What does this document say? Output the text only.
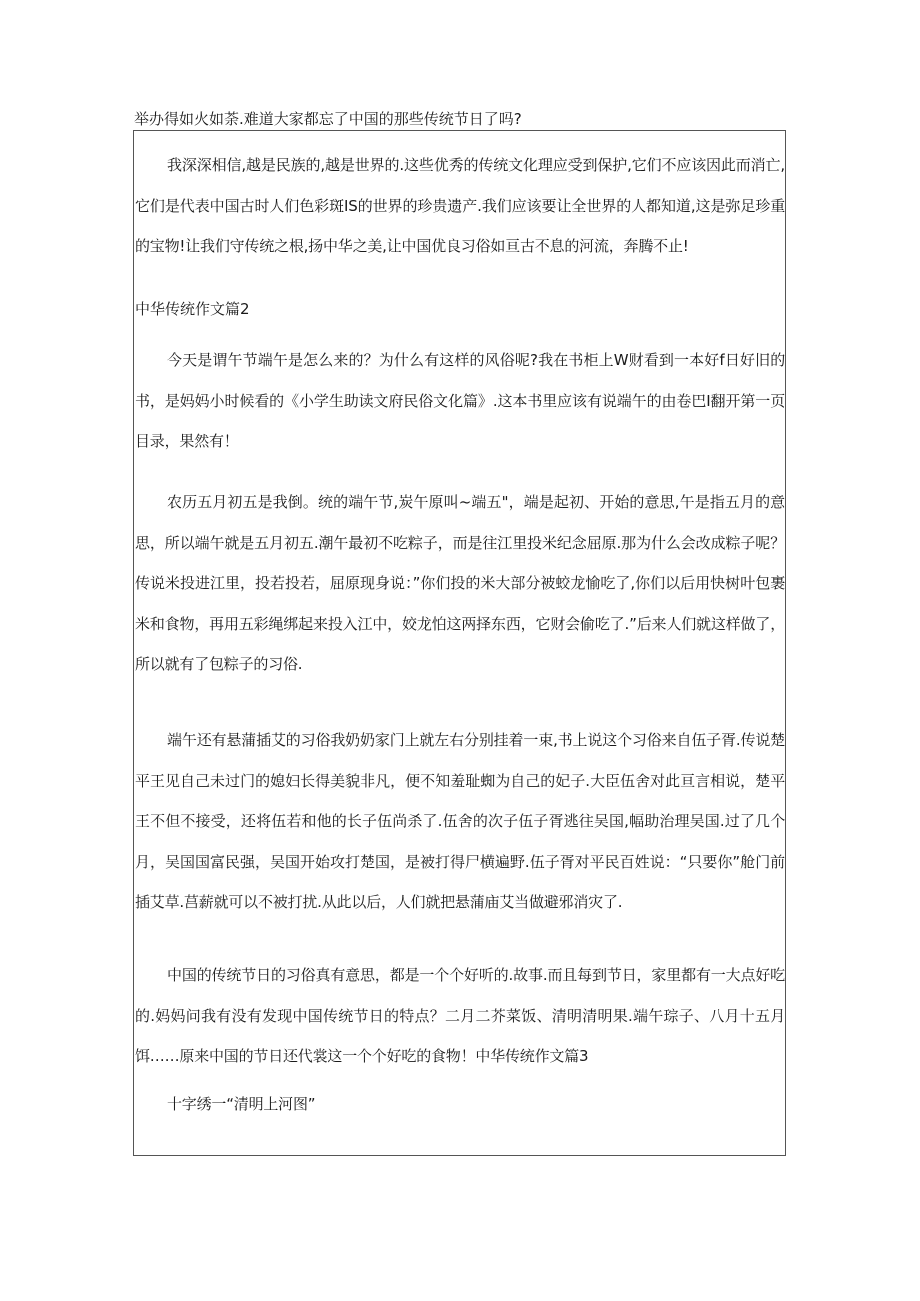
举办得如火如荼.难道大家都忘了中国的那些传统节日了吗?

我深深相信,越是民族的,越是世界的.这些优秀的传统文化理应受到保护,它们不应该因此而消亡,它们是代表中国古时人们色彩斑IS的世界的珍贵遗产.我们应该要让全世界的人都知道,这是弥足珍重的宝物!让我们守传统之根,扬中华之美,让中国优良习俗如亘古不息的河流，奔腾不止!

中华传统作文篇2

今天是谓午节端午是怎么来的？为什么有这样的风俗呢?我在书柜上W财看到一本好f日好旧的书，是妈妈小时候看的《小学生助读文府民俗文化篇》.这本书里应该有说端午的由卷巴I翻开第一页目录，果然有！

农历五月初五是我倒。统的端午节,炭午原叫~端五"，端是起初、开始的意思,午是指五月的意思，所以端午就是五月初五.潮午最初不吃粽子，而是往江里投米纪念屈原.那为什么会改成粽子呢？传说米投进江里，投若投若，屈原现身说：”你们投的米大部分被蛟龙愉吃了,你们以后用快树叶包裹米和食物，再用五彩绳绑起来投入江中，姣龙怕这两择东西，它财会偷吃了.”后来人们就这样做了，所以就有了包粽子的习俗.

端午还有悬蒲插艾的习俗我奶奶家门上就左右分别挂着一束,书上说这个习俗来自伍子胥.传说楚平王见自己未过门的媳妇长得美貌非凡，便不知羞耻蜘为自己的妃子.大臣伍舍对此亘言相说，楚平王不但不接受，还将伍若和他的长子伍尚杀了.伍舍的次子伍子胥逃往吴国,幅助治理吴国.过了几个月，吴国国富民强，吴国开始攻打楚国，是被打得尸横遍野.伍子胥对平民百姓说：“只要你”舱门前插艾草.莒薪就可以不被打扰.从此以后，人们就把悬蒲庙艾当做避邪消灾了.

中国的传统节日的习俗真有意思，都是一个个好听的.故事.而且每到节日，家里都有一大点好吃的.妈妈问我有没有发现中国传统节日的特点？二月二芥菜饭、清明清明果.端午琮子、八月十五月饵……原来中国的节日还代裳这一个个好吃的食物！中华传统作文篇3

十字绣一“清明上河图”
